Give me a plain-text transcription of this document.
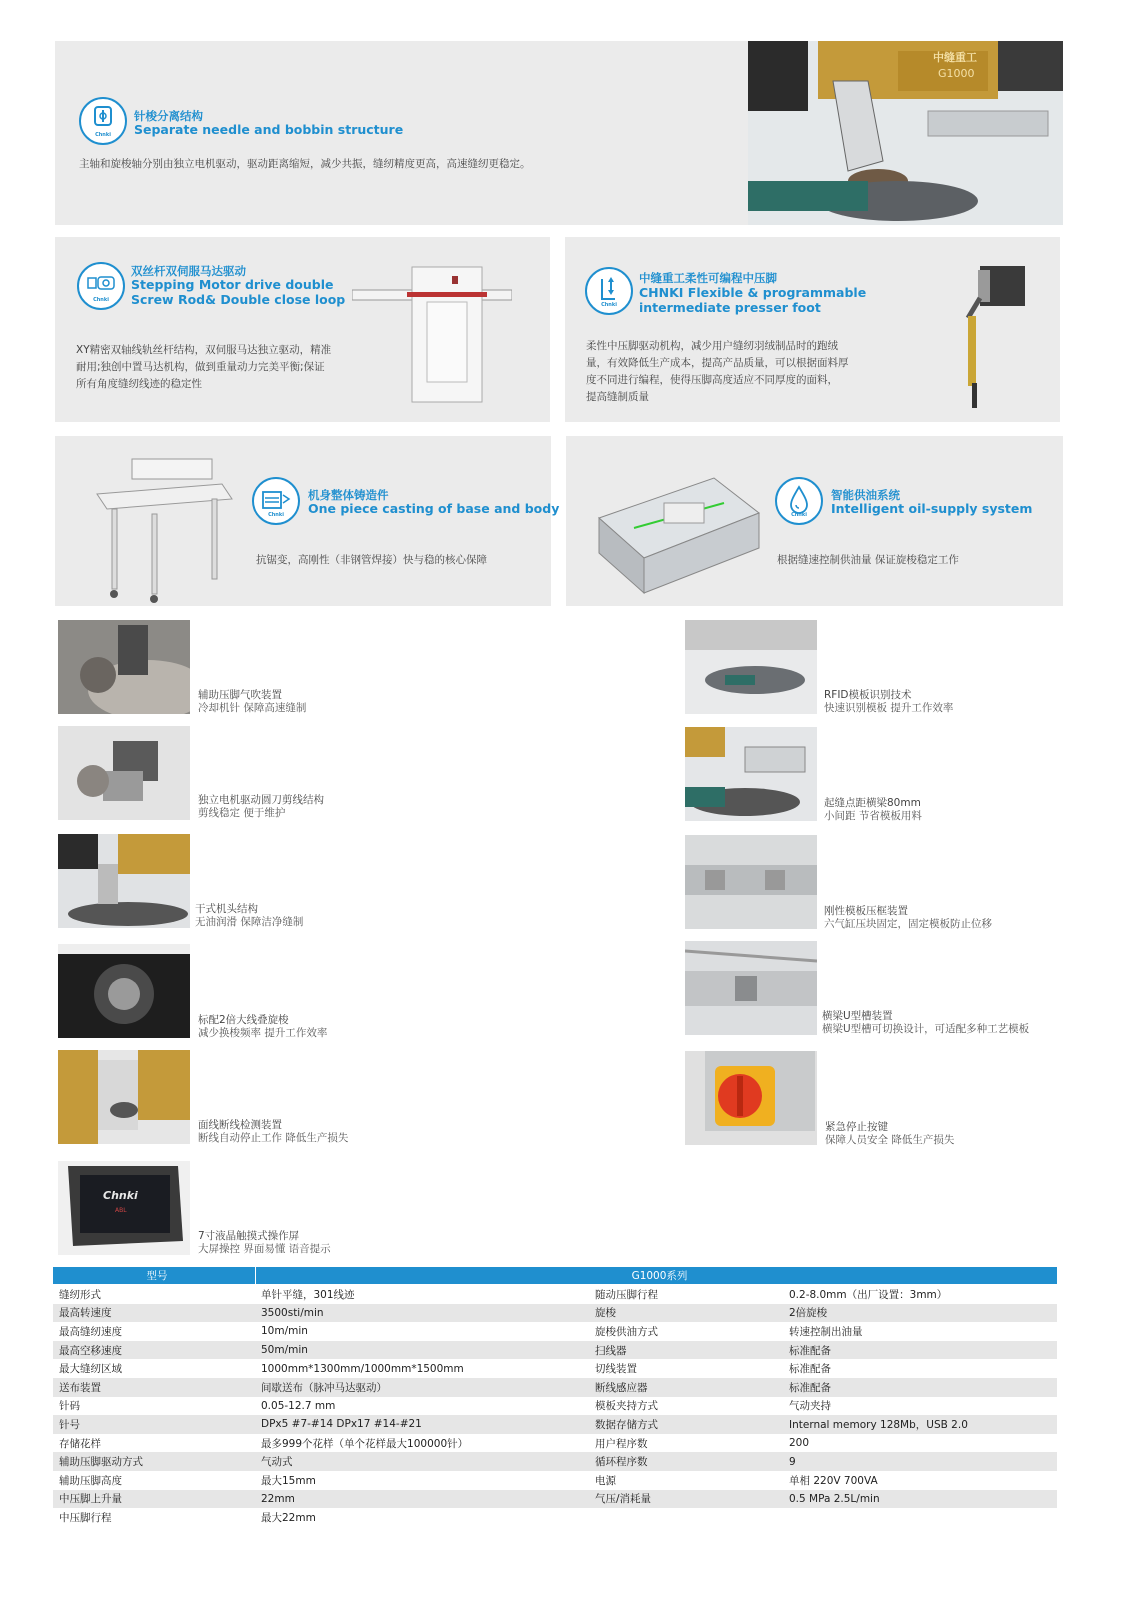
Chnki
针梭分离结构
Separate needle and bobbin structure
主轴和旋梭轴分别由独立电机驱动，驱动距离缩短，减少共振，缝纫精度更高，高速缝纫更稳定。
中缝重工
G1000
Chnki
双丝杆双伺服马达驱动
Stepping Motor drive double
Screw Rod& Double close loop
XY精密双轴线轨丝杆结构，双伺服马达独立驱动，精准
耐用;独创中置马达机构，做到重量动力完美平衡;保证
所有角度缝纫线迹的稳定性
Chnki
中缝重工柔性可编程中压脚
CHNKI Flexible & programmable
intermediate presser foot
柔性中压脚驱动机构，减少用户缝纫羽绒制品时的跑绒
量，有效降低生产成本，提高产品质量，可以根据面料厚
度不同进行编程，使得压脚高度适应不同厚度的面料，
提高缝制质量
Chnki
机身整体铸造件
One piece casting of base and body
抗锯变，高刚性（非钢管焊接）快与稳的核心保障
Chnki
智能供油系统
Intelligent oil-supply system
根据缝速控制供油量 保证旋梭稳定工作
辅助压脚气吹装置
冷却机针 保障高速缝制
独立电机驱动圆刀剪线结构
剪线稳定 便于维护
干式机头结构
无油润滑 保障洁净缝制
标配2倍大线叠旋梭
减少换梭频率 提升工作效率
面线断线检测装置
断线自动停止工作 降低生产损失
Chnki
ABL
7寸液晶触摸式操作屏
大屏操控 界面易懂 语音提示
RFID模板识别技术
快速识别模板 提升工作效率
起缝点距横梁80mm
小间距 节省模板用料
刚性模板压框装置
六气缸压块固定，固定模板防止位移
横梁U型槽装置
横梁U型槽可切换设计，可适配多种工艺模板
紧急停止按键
保障人员安全 降低生产损失
型号	G1000系列
缝纫形式	单针平缝，301线迹	随动压脚行程	0.2-8.0mm（出厂设置：3mm）
最高转速度	3500sti/min	旋梭	2倍旋梭
最高缝纫速度	10m/min	旋梭供油方式	转速控制出油量
最高空移速度	50m/min	扫线器	标准配备
最大缝纫区域	1000mm*1300mm/1000mm*1500mm	切线装置	标准配备
送布装置	间歇送布（脉冲马达驱动）	断线感应器	标准配备
针码	0.05-12.7 mm	模板夹持方式	气动夹持
针号	DPx5 #7-#14 DPx17 #14-#21	数据存储方式	Internal memory 128Mb，USB 2.0
存储花样	最多999个花样（单个花样最大100000针）	用户程序数	200
辅助压脚驱动方式	气动式	循环程序数	9
辅助压脚高度	最大15mm	电源	单相 220V 700VA
中压脚上升量	22mm	气压/消耗量	0.5 MPa 2.5L/min
中压脚行程	最大22mm		
